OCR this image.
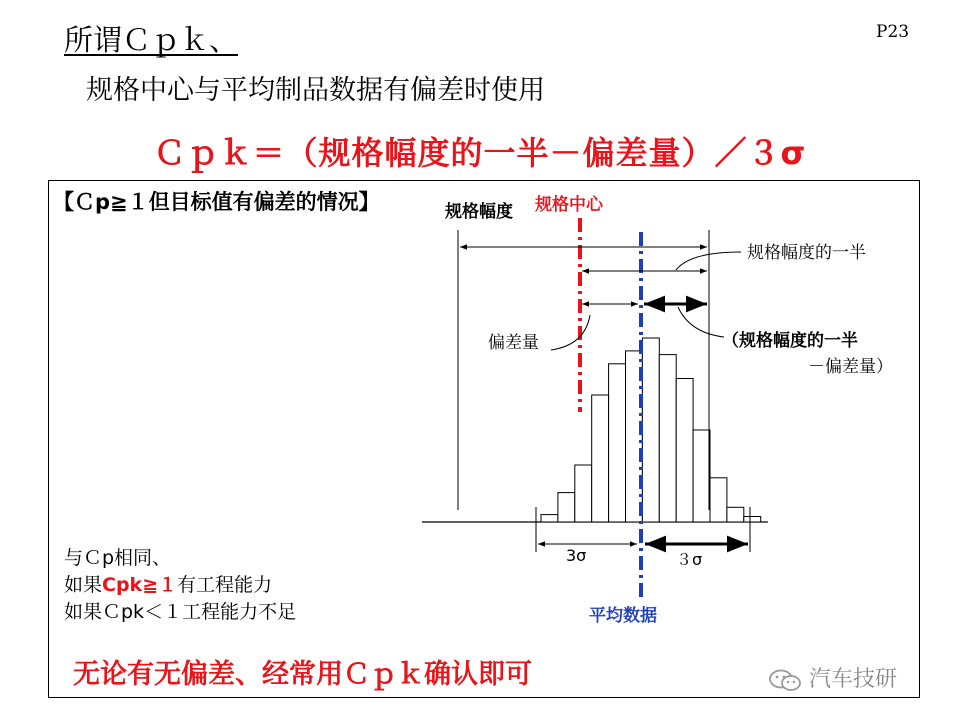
所谓Ｃｐｋ、	P23
规格中心与平均制品数据有偏差时使用
Ｃｐｋ＝（规格幅度的一半－偏差量）／３σ
【Ｃp≧１但目标值有偏差的情况】	规格幅度 规格中心
规格幅度的一半
偏差量	（规格幅度的一半
－偏差量）
3σ	３σ
平均数据
与Ｃp相同、
如果Cpk≧１有工程能力
如果Ｃpk＜１工程能力不足
无论有无偏差、经常用Ｃｐｋ确认即可	汽车技研
